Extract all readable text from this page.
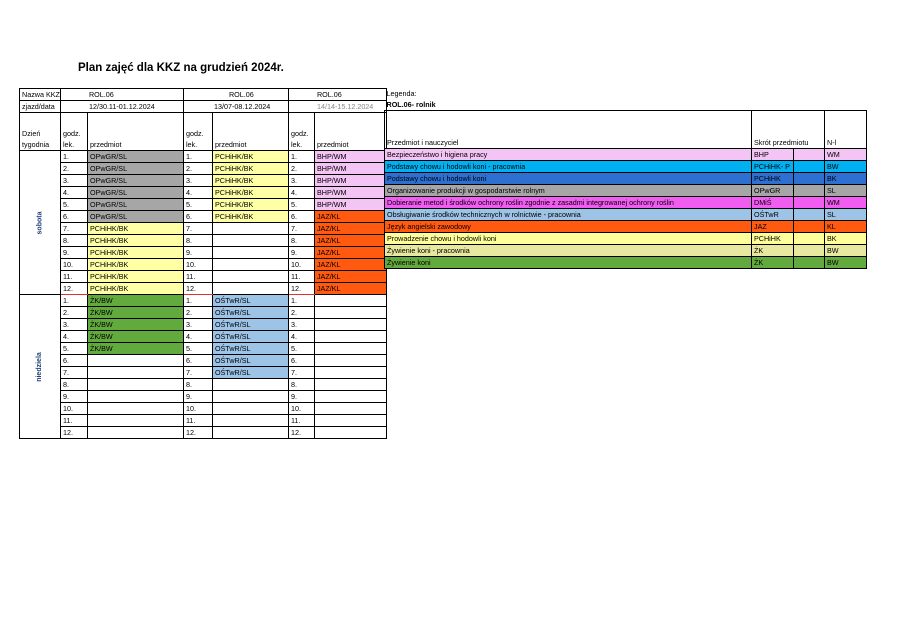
Plan zajęć dla KKZ na grudzień 2024r.
Nazwa KKZ	ROL.06		ROL.06		ROL.06	
zjazd/data	12/30.11-01.12.2024		13/07-08.12.2024		14/14-15.12.2024	
Dzień
tygodnia	godz.
lek.	przedmiot	godz.
lek.	przedmiot	godz.
lek.	przedmiot
sobota	1.	OPwGR/SL	1.	PCHiHK/BK	1.	BHP/WM
	2.	OPwGR/SL	2.	PCHiHK/BK	2.	BHP/WM
	3.	OPwGR/SL	3.	PCHiHK/BK	3.	BHP/WM
	4.	OPwGR/SL	4.	PCHiHK/BK	4.	BHP/WM
	5.	OPwGR/SL	5.	PCHiHK/BK	5.	BHP/WM
	6.	OPwGR/SL	6.	PCHiHK/BK	6.	JAZ/KL
	7.	PCHiHK/BK	7.		7.	JAZ/KL
	8.	PCHiHK/BK	8.		8.	JAZ/KL
	9.	PCHiHK/BK	9.		9.	JAZ/KL
	10.	PCHiHK/BK	10.		10.	JAZ/KL
	11.	PCHiHK/BK	11.		11.	JAZ/KL
	12.	PCHiHK/BK	12.		12.	JAZ/KL
niedziela	1.	ŻK/BW	1.	OŚTwR/SL	1.	
	2.	ŻK/BW	2.	OŚTwR/SL	2.	
	3.	ŻK/BW	3.	OŚTwR/SL	3.	
	4.	ŻK/BW	4.	OŚTwR/SL	4.	
	5.	ŻK/BW	5.	OŚTwR/SL	5.	
	6.		6.	OŚTwR/SL	6.	
	7.		7.	OŚTwR/SL	7.	
	8.		8.		8.	
	9.		9.		9.	
	10.		10.		10.	
	11.		11.		11.	
	12.		12.		12.	
Legenda:			
ROL.06- rolnik			
Przedmiot i nauczyciel	Skrót przedmiotu		N-l
Bezpieczeństwo i higiena pracy	BHP		WM
Podstawy chowu i hodowli koni - pracownia	PCHiHK- P		BW
Podstawy chowu i hodowli koni	PCHiHK		BK
Organizowanie produkcji w gospodarstwie rolnym	OPwGR		SL
Dobieranie metod i środków ochrony roślin zgodnie z zasadmi integrowanej ochrony roślin	DMiŚ		WM
Obsługiwanie środków technicznych w rolnictwie - pracownia	OŚTwR		SL
Język angielski zawodowy	JAZ		KL
Prowadzenie chowu i hodowli koni	PCHiHK		BK
Żywienie koni - pracownia	ŻK		BW
Żywienie koni	ŻK		BW
